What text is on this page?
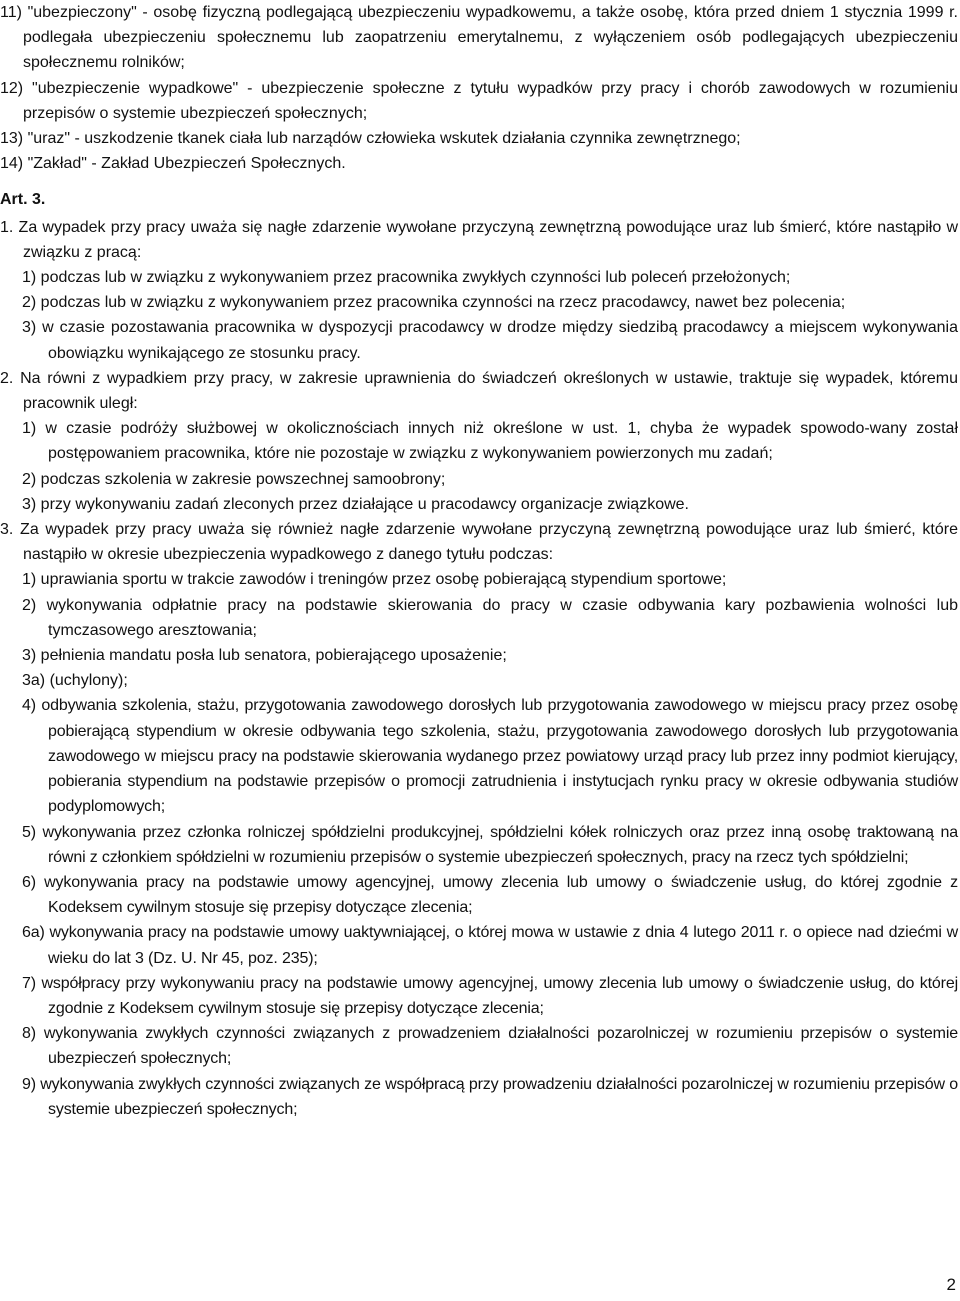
11) "ubezpieczony" - osobę fizyczną podlegającą ubezpieczeniu wypadkowemu, a także osobę, która przed dniem 1 stycznia 1999 r. podlegała ubezpieczeniu społecznemu lub zaopatrzeniu emerytalnemu, z wyłączeniem osób podlegających ubezpieczeniu społecznemu rolników;

12) "ubezpieczenie wypadkowe" - ubezpieczenie społeczne z tytułu wypadków przy pracy i chorób zawodowych w rozumieniu przepisów o systemie ubezpieczeń społecznych;

13) "uraz" - uszkodzenie tkanek ciała lub narządów człowieka wskutek działania czynnika zewnętrznego;

14) "Zakład" - Zakład Ubezpieczeń Społecznych.

Art. 3.

1. Za wypadek przy pracy uważa się nagłe zdarzenie wywołane przyczyną zewnętrzną powodujące uraz lub śmierć, które nastąpiło w związku z pracą:

1) podczas lub w związku z wykonywaniem przez pracownika zwykłych czynności lub poleceń przełożonych;

2) podczas lub w związku z wykonywaniem przez pracownika czynności na rzecz pracodawcy, nawet bez polecenia;

3) w czasie pozostawania pracownika w dyspozycji pracodawcy w drodze między siedzibą pracodawcy a miejscem wykonywania obowiązku wynikającego ze stosunku pracy.

2. Na równi z wypadkiem przy pracy, w zakresie uprawnienia do świadczeń określonych w ustawie, traktuje się wypadek, któremu pracownik uległ:

1) w czasie podróży służbowej w okolicznościach innych niż określone w ust. 1, chyba że wypadek spowodo-wany został postępowaniem pracownika, które nie pozostaje w związku z wykonywaniem powierzonych mu zadań;

2) podczas szkolenia w zakresie powszechnej samoobrony;

3) przy wykonywaniu zadań zleconych przez działające u pracodawcy organizacje związkowe.

3. Za wypadek przy pracy uważa się również nagłe zdarzenie wywołane przyczyną zewnętrzną powodujące uraz lub śmierć, które nastąpiło w okresie ubezpieczenia wypadkowego z danego tytułu podczas:

1) uprawiania sportu w trakcie zawodów i treningów przez osobę pobierającą stypendium sportowe;

2) wykonywania odpłatnie pracy na podstawie skierowania do pracy w czasie odbywania kary pozbawienia wolności lub tymczasowego aresztowania;

3) pełnienia mandatu posła lub senatora, pobierającego uposażenie;

3a) (uchylony);

4) odbywania szkolenia, stażu, przygotowania zawodowego dorosłych lub przygotowania zawodowego w miejscu pracy przez osobę pobierającą stypendium w okresie odbywania tego szkolenia, stażu, przygotowania zawodowego dorosłych lub przygotowania zawodowego w miejscu pracy na podstawie skierowania wydanego przez powiatowy urząd pracy lub przez inny podmiot kierujący, pobierania stypendium na podstawie przepisów o promocji zatrudnienia i instytucjach rynku pracy w okresie odbywania studiów podyplomowych;

5) wykonywania przez członka rolniczej spółdzielni produkcyjnej, spółdzielni kółek rolniczych oraz przez inną osobę traktowaną na równi z członkiem spółdzielni w rozumieniu przepisów o systemie ubezpieczeń społecznych, pracy na rzecz tych spółdzielni;

6) wykonywania pracy na podstawie umowy agencyjnej, umowy zlecenia lub umowy o świadczenie usług, do której zgodnie z Kodeksem cywilnym stosuje się przepisy dotyczące zlecenia;

6a) wykonywania pracy na podstawie umowy uaktywniającej, o której mowa w ustawie z dnia 4 lutego 2011 r. o opiece nad dziećmi w wieku do lat 3 (Dz. U. Nr 45, poz. 235);

7) współpracy przy wykonywaniu pracy na podstawie umowy agencyjnej, umowy zlecenia lub umowy o świadczenie usług, do której zgodnie z Kodeksem cywilnym stosuje się przepisy dotyczące zlecenia;

8) wykonywania zwykłych czynności związanych z prowadzeniem działalności pozarolniczej w rozumieniu przepisów o systemie ubezpieczeń społecznych;

9) wykonywania zwykłych czynności związanych ze współpracą przy prowadzeniu działalności pozarolniczej w rozumieniu przepisów o systemie ubezpieczeń społecznych;

2
